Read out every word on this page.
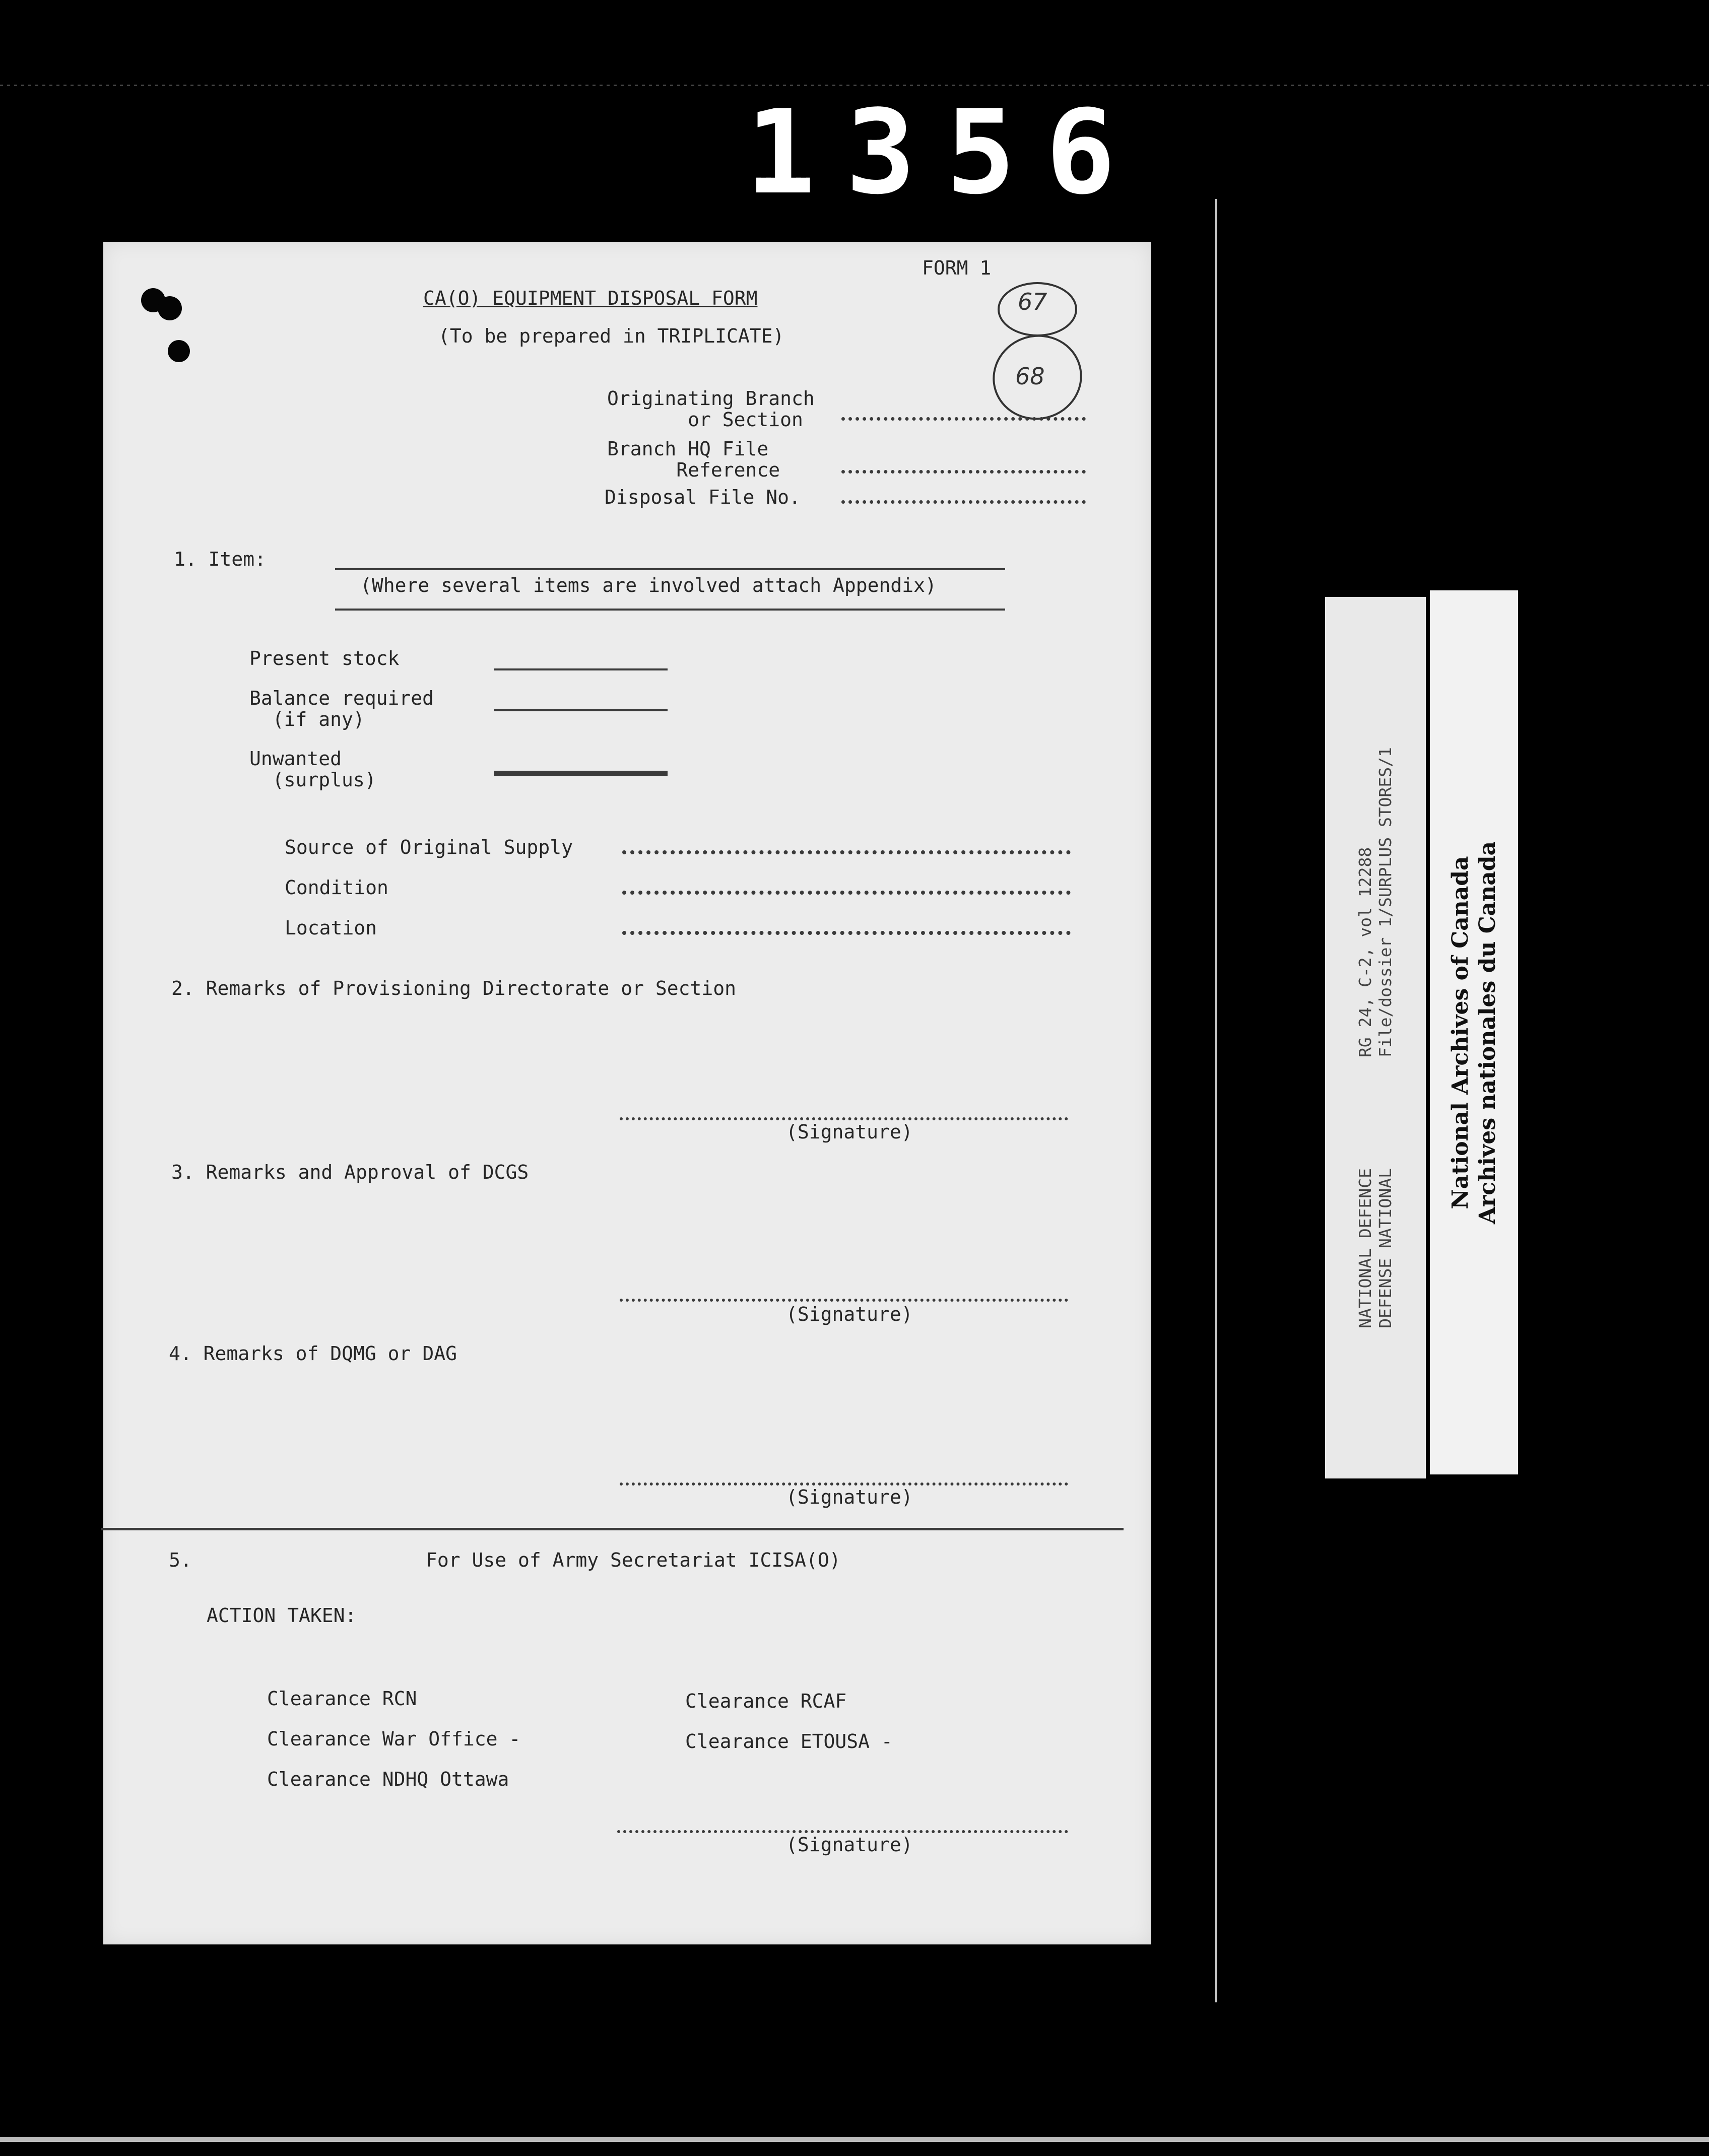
1356
FORM 1
CA(O) EQUIPMENT DISPOSAL FORM
(To be prepared in TRIPLICATE)
67
68
Originating Branch
or Section
Branch HQ File
Reference
Disposal File No.
1. Item:
(Where several items are involved attach Appendix)
Present stock
Balance required
(if any)
Unwanted
(surplus)
Source of Original Supply
Condition
Location
2. Remarks of Provisioning Directorate or Section
(Signature)
3. Remarks and Approval of DCGS
(Signature)
4. Remarks of DQMG or DAG
(Signature)
5.	For Use of Army Secretariat ICISA(O)
ACTION TAKEN:
Clearance RCN
Clearance War Office -
Clearance NDHQ Ottawa
Clearance RCAF
Clearance ETOUSA -
(Signature)
NATIONAL DEFENCE DEFENSE NATIONAL
RG 24, C-2, vol 12288 File/dossier 1/SURPLUS STORES/1 National Archives of Canada Archives nationales du Canada
